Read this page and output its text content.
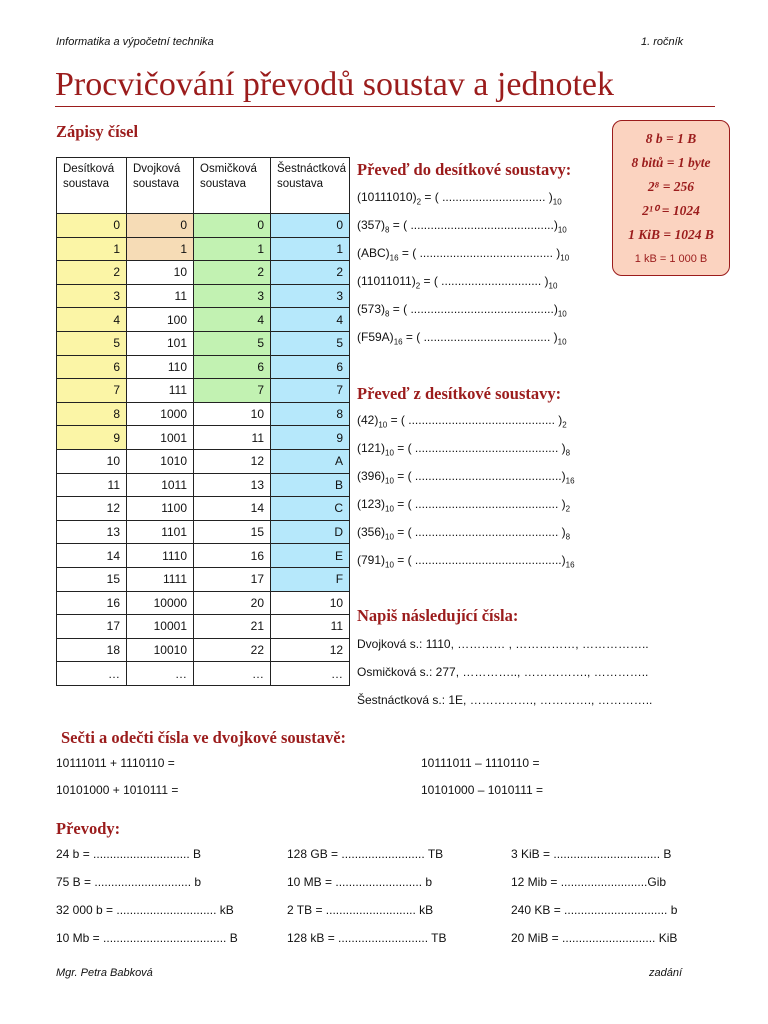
Informatika a výpočetní technika	1. ročník
Procvičování převodů soustav a jednotek
Zápisy čísel	8 b = 1 B
8 bitů = 1 byte
2⁸ = 256
2¹⁰ = 1024
1 KiB = 1024 B
1 kB = 1 000 B
Desítková soustava	Dvojková soustava	Osmičková soustava	Šestnáctková soustava
0	0	0	0
1	1	1	1
2	10	2	2
3	11	3	3
4	100	4	4
5	101	5	5
6	110	6	6
7	111	7	7
8	1000	10	8
9	1001	11	9
10	1010	12	A
11	1011	13	B
12	1100	14	C
13	1101	15	D
14	1110	16	E
15	1111	17	F
16	10000	20	10
17	10001	21	11
18	10010	22	12
…	…	…	…
Převeď do desítkové soustavy:
$(10111010)_2$ = ( ............................... )$_{10}$
$(357)_8$ = ( $...........................................)_{10}$
$(ABC)_{16}$ = ( ........................................ )$_{10}$
$(11011011)_2$ = ( .............................. )$_{10}$
$(573)_8$ = ( $...........................................)_{10}$
$(F59A)_{16}$ = ( ...................................... )$_{10}$
Převeď z desítkové soustavy:
$(42)_{10}$ = ( ............................................ )$_2$
$(121)_{10}$ = ( ........................................... )$_8$
$(396)_{10}$ = ( $............................................)_{16}$
$(123)_{10}$ = ( ........................................... )$_2$
$(356)_{10}$ = ( ........................................... )$_8$
$(791)_{10}$ = ( $............................................)_{16}$
Napiš následující čísla:
Dvojková s.: 1110, ………… , ……………, ……………..
Osmičková s.: 277, ………….., ……………., …………..
Šestnáctková s.: 1E, ……………., …………., …………..
Sečti a odečti čísla ve dvojkové soustavě:
10111011 + 1110110 =
10101000 + 1010111 =
10111011 – 1110110 =
10101000 – 1010111 =
Převody:
24 b = ............................. B	128 GB = ......................... TB	3 KiB = ................................ B
75 B = ............................. b	10 MB = .......................... b	12 Mib = ..........................Gib
32 000 b = .............................. kB	2 TB = ........................... kB	240 KB = ............................... b
10 Mb = ..................................... B	128 kB = ........................... TB	20 MiB = ............................ KiB
Mgr. Petra Babková	zadání
